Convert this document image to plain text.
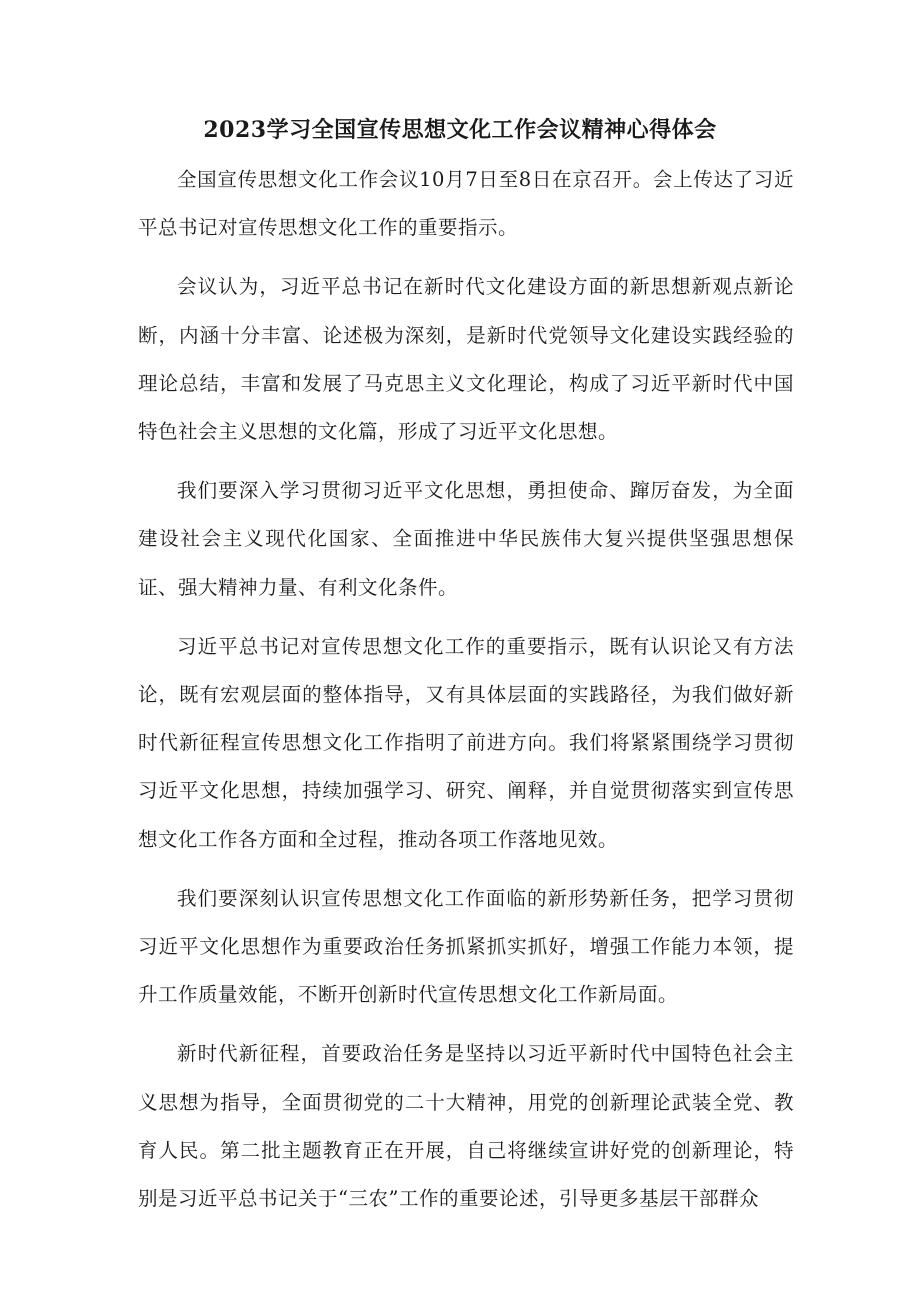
2023学习全国宣传思想文化工作会议精神心得体会

全国宣传思想文化工作会议10月7日至8日在京召开。会上传达了习近平总书记对宣传思想文化工作的重要指示。

会议认为，习近平总书记在新时代文化建设方面的新思想新观点新论断，内涵十分丰富、论述极为深刻，是新时代党领导文化建设实践经验的理论总结，丰富和发展了马克思主义文化理论，构成了习近平新时代中国特色社会主义思想的文化篇，形成了习近平文化思想。

我们要深入学习贯彻习近平文化思想，勇担使命、蹿厉奋发，为全面建设社会主义现代化国家、全面推进中华民族伟大复兴提供坚强思想保证、强大精神力量、有利文化条件。

习近平总书记对宣传思想文化工作的重要指示，既有认识论又有方法论，既有宏观层面的整体指导，又有具体层面的实践路径，为我们做好新时代新征程宣传思想文化工作指明了前进方向。我们将紧紧围绕学习贯彻习近平文化思想，持续加强学习、研究、阐释，并自觉贯彻落实到宣传思想文化工作各方面和全过程，推动各项工作落地见效。

我们要深刻认识宣传思想文化工作面临的新形势新任务，把学习贯彻习近平文化思想作为重要政治任务抓紧抓实抓好，增强工作能力本领，提升工作质量效能，不断开创新时代宣传思想文化工作新局面。

新时代新征程，首要政治任务是坚持以习近平新时代中国特色社会主义思想为指导，全面贯彻党的二十大精神，用党的创新理论武装全党、教育人民。第二批主题教育正在开展，自己将继续宣讲好党的创新理论，特别是习近平总书记关于“三农”工作的重要论述，引导更多基层干部群众
